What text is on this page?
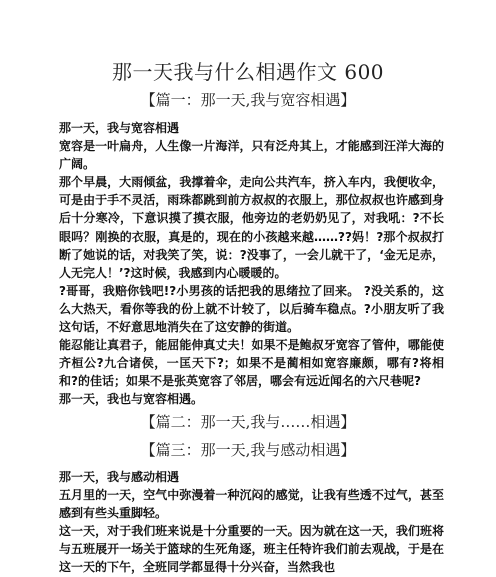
那一天我与什么相遇作文 600
【篇一：那一天,我与宽容相遇】

那一天，我与宽容相遇

宽容是一叶扁舟，人生像一片海洋，只有泛舟其上，才能感到汪洋大海的广阔。

那个早晨，大雨倾盆，我撑着伞，走向公共汽车，挤入车内，我便收伞，可是由于手不灵活，雨珠都跳到前方叔叔的衣服上，那位叔叔也许感到身后十分寒冷，下意识摸了摸衣服，他旁边的老奶奶见了，对我吼：?不长眼吗？刚换的衣服，真是的，现在的小孩越来越……??妈！?那个叔叔打断了她说的话，对我笑了笑，说：?没事了，一会儿就干了，‘金无足赤，人无完人！’?这时候，我感到内心暖暖的。

?哥哥，我赔你钱吧!?小男孩的话把我的思绪拉了回来。 ?没关系的，这么大热天，看你等我的份上就不计较了，以后骑车稳点。?小朋友听了我这句话，不好意思地消失在了这安静的街道。

能忍能让真君子，能屈能伸真丈夫！如果不是鲍叔牙宽容了管仲，哪能使齐桓公?九合诸侯，一匡天下?；如果不是蔺相如宽容廉颇，哪有?将相和?的佳话；如果不是张英宽容了邻居，哪会有远近闻名的六尺巷呢?

那一天，我也与宽容相遇。

【篇二：那一天,我与……相遇】
【篇三：那一天,我与感动相遇】

那一天，我与感动相遇

五月里的一天，空气中弥漫着一种沉闷的感觉，让我有些透不过气，甚至感到有些头重脚轻。

这一天，对于我们班来说是十分重要的一天。因为就在这一天，我们班将与五班展开一场关于篮球的生死角逐，班主任特许我们前去观战，于是在这一天的下午，全班同学都显得十分兴奋，当然我也
